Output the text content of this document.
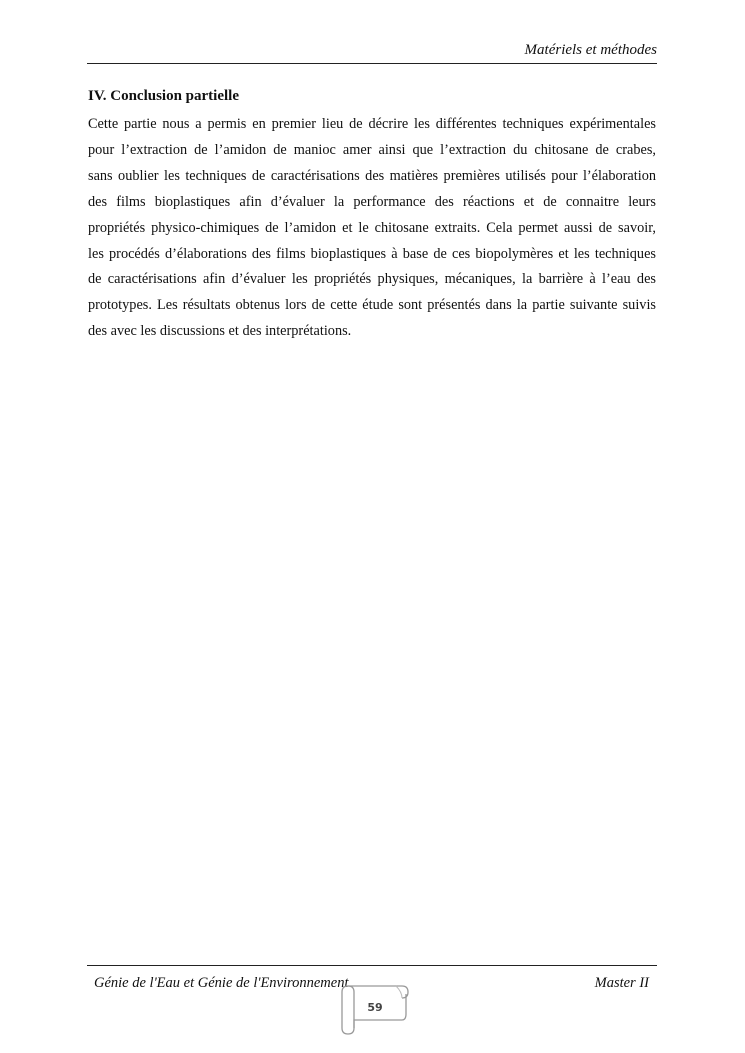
Matériels et méthodes
IV. Conclusion partielle
Cette partie nous a permis en premier lieu de décrire les différentes techniques expérimentales
pour l’extraction de l’amidon de manioc amer ainsi que l’extraction du chitosane de crabes,
sans oublier les techniques de caractérisations des matières premières utilisés pour l’élaboration
des films bioplastiques afin d’évaluer la performance des réactions et de connaitre leurs
propriétés physico-chimiques de l’amidon et le chitosane extraits. Cela permet aussi de savoir,
les procédés d’élaborations des films bioplastiques à base de ces biopolymères et les techniques
de caractérisations afin d’évaluer les propriétés physiques, mécaniques, la barrière à l’eau des
prototypes. Les résultats obtenus lors de cette étude sont présentés dans la partie suivante suivis
des avec les discussions et des interprétations.
Génie de l'Eau et Génie de l'Environnement	Master II
59
